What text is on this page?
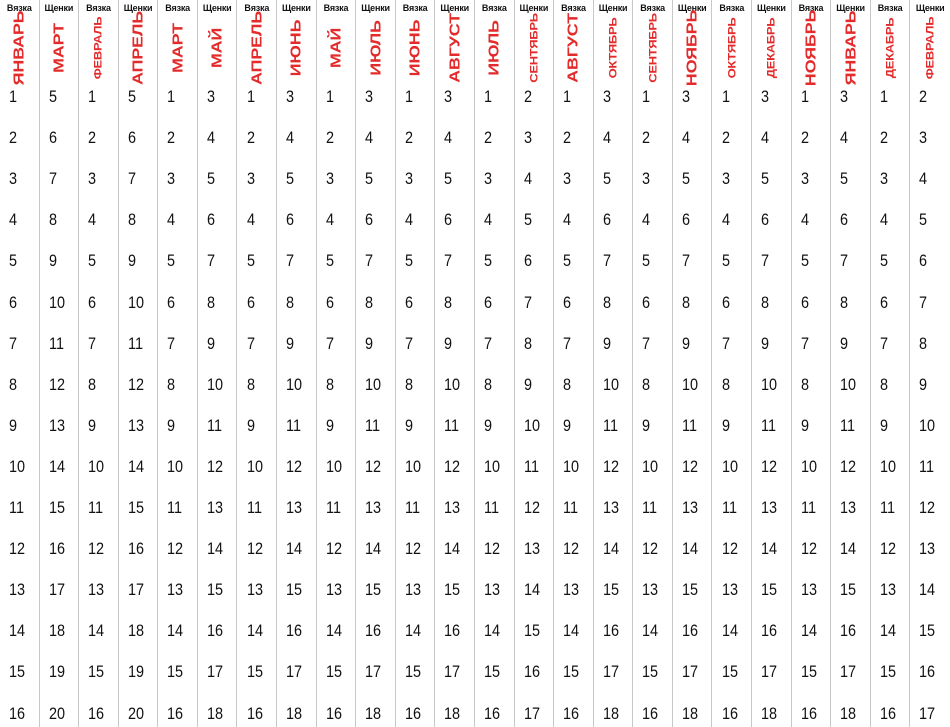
Вязка
ЯНВАРЬ
1
2
3
4
5
6
7
8
9
10
11
12
13
14
15
16
Щенки
МАРТ
5
6
7
8
9
10
11
12
13
14
15
16
17
18
19
20
Вязка
ФЕВРАЛЬ
1
2
3
4
5
6
7
8
9
10
11
12
13
14
15
16
Щенки
АПРЕЛЬ
5
6
7
8
9
10
11
12
13
14
15
16
17
18
19
20
Вязка
МАРТ
1
2
3
4
5
6
7
8
9
10
11
12
13
14
15
16
Щенки
МАЙ
3
4
5
6
7
8
9
10
11
12
13
14
15
16
17
18
Вязка
АПРЕЛЬ
1
2
3
4
5
6
7
8
9
10
11
12
13
14
15
16
Щенки
ИЮНЬ
3
4
5
6
7
8
9
10
11
12
13
14
15
16
17
18
Вязка
МАЙ
1
2
3
4
5
6
7
8
9
10
11
12
13
14
15
16
Щенки
ИЮЛЬ
3
4
5
6
7
8
9
10
11
12
13
14
15
16
17
18
Вязка
ИЮНЬ
1
2
3
4
5
6
7
8
9
10
11
12
13
14
15
16
Щенки
АВГУСТ
3
4
5
6
7
8
9
10
11
12
13
14
15
16
17
18
Вязка
ИЮЛЬ
1
2
3
4
5
6
7
8
9
10
11
12
13
14
15
16
Щенки
СЕНТЯБРЬ
2
3
4
5
6
7
8
9
10
11
12
13
14
15
16
17
Вязка
АВГУСТ
1
2
3
4
5
6
7
8
9
10
11
12
13
14
15
16
Щенки
ОКТЯБРЬ
3
4
5
6
7
8
9
10
11
12
13
14
15
16
17
18
Вязка
СЕНТЯБРЬ
1
2
3
4
5
6
7
8
9
10
11
12
13
14
15
16
Щенки
НОЯБРЬ
3
4
5
6
7
8
9
10
11
12
13
14
15
16
17
18
Вязка
ОКТЯБРЬ
1
2
3
4
5
6
7
8
9
10
11
12
13
14
15
16
Щенки
ДЕКАБРЬ
3
4
5
6
7
8
9
10
11
12
13
14
15
16
17
18
Вязка
НОЯБРЬ
1
2
3
4
5
6
7
8
9
10
11
12
13
14
15
16
Щенки
ЯНВАРЬ
3
4
5
6
7
8
9
10
11
12
13
14
15
16
17
18
Вязка
ДЕКАБРЬ
1
2
3
4
5
6
7
8
9
10
11
12
13
14
15
16
Щенки
ФЕВРАЛЬ
2
3
4
5
6
7
8
9
10
11
12
13
14
15
16
17
